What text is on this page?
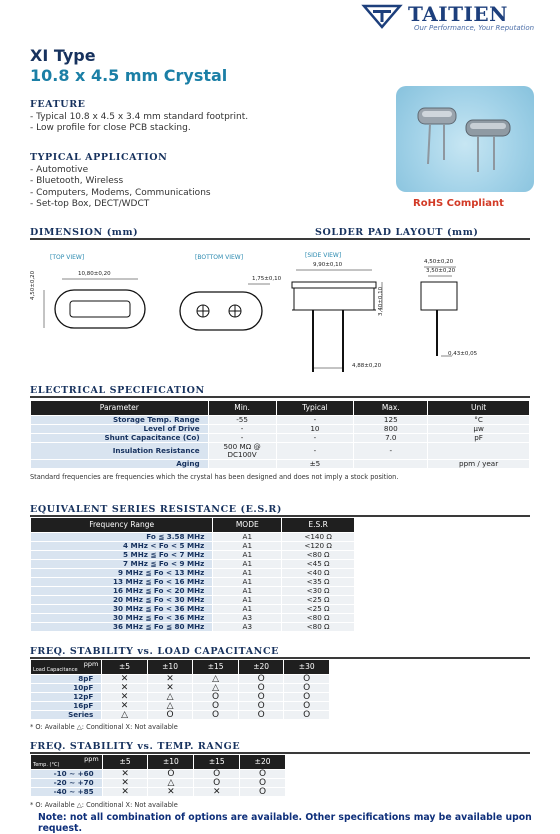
TAITIEN
Our Performance, Your Reputation
XI Type
10.8 x 4.5 mm Crystal
FEATURE
- Typical 10.8 x 4.5 x 3.4 mm standard footprint.
- Low profile for close PCB stacking.
TYPICAL APPLICATION
- Automotive
- Bluetooth, Wireless
- Computers, Modems, Communications
- Set-top Box, DECT/WDCT	RoHS Compliant
DIMENSION (mm)	SOLDER PAD LAYOUT (mm)
[TOP VIEW]	[BOTTOM VIEW]	[SIDE VIEW]
10,80±0,20
4,50±0,20	1,75±0,10
9,90±0,10
3,40±0,10
4,88±0,20
4,50±0,20
3,50±0,20
0,43±0,05
ELECTRICAL SPECIFICATION
Parameter	Min.	Typical	Max.	Unit
Storage Temp. Range	-55	-	125	°C
Level of Drive	-	10	800	µw
Shunt Capacitance (Co)	-	-	7.0	pF
Insulation Resistance	500 MΩ @ DC100V	-	-	
Aging		±5		ppm / year
Standard frequencies are frequencies which the crystal has been designed and does not imply a stock position.
EQUIVALENT SERIES RESISTANCE (E.S.R)
Frequency Range	MODE	E.S.R
Fo ≦ 3.58 MHz	A1	<140 Ω
4 MHz < Fo < 5 MHz	A1	<120 Ω
5 MHz ≦ Fo < 7 MHz	A1	<80 Ω
7 MHz ≦ Fo < 9 MHz	A1	<45 Ω
9 MHz ≦ Fo < 13 MHz	A1	<40 Ω
13 MHz ≦ Fo < 16 MHz	A1	<35 Ω
16 MHz ≦ Fo < 20 MHz	A1	<30 Ω
20 MHz ≦ Fo < 30 MHz	A1	<25 Ω
30 MHz ≦ Fo < 36 MHz	A1	<25 Ω
30 MHz ≦ Fo < 36 MHz	A3	<80 Ω
36 MHz ≦ Fo ≦ 80 MHz	A3	<80 Ω
FREQ. STABILITY vs. LOAD CAPACITANCE
ppm
Load Capacitance	±5	±10	±15	±20	±30
8pF	✕	✕	△	O	O
10pF	✕	✕	△	O	O
12pF	✕	△	O	O	O
16pF	✕	△	O	O	O
Series	△	O	O	O	O
* O: Available △: Conditional X: Not available
FREQ. STABILITY vs. TEMP. RANGE
ppm
Temp. (°C)	±5	±10	±15	±20
-10 ~ +60	✕	O	O	O
-20 ~ +70	✕	△	O	O
-40 ~ +85	✕	✕	✕	O
* O: Available △: Conditional X: Not available
Note: not all combination of options are available. Other specifications may be available upon request.
